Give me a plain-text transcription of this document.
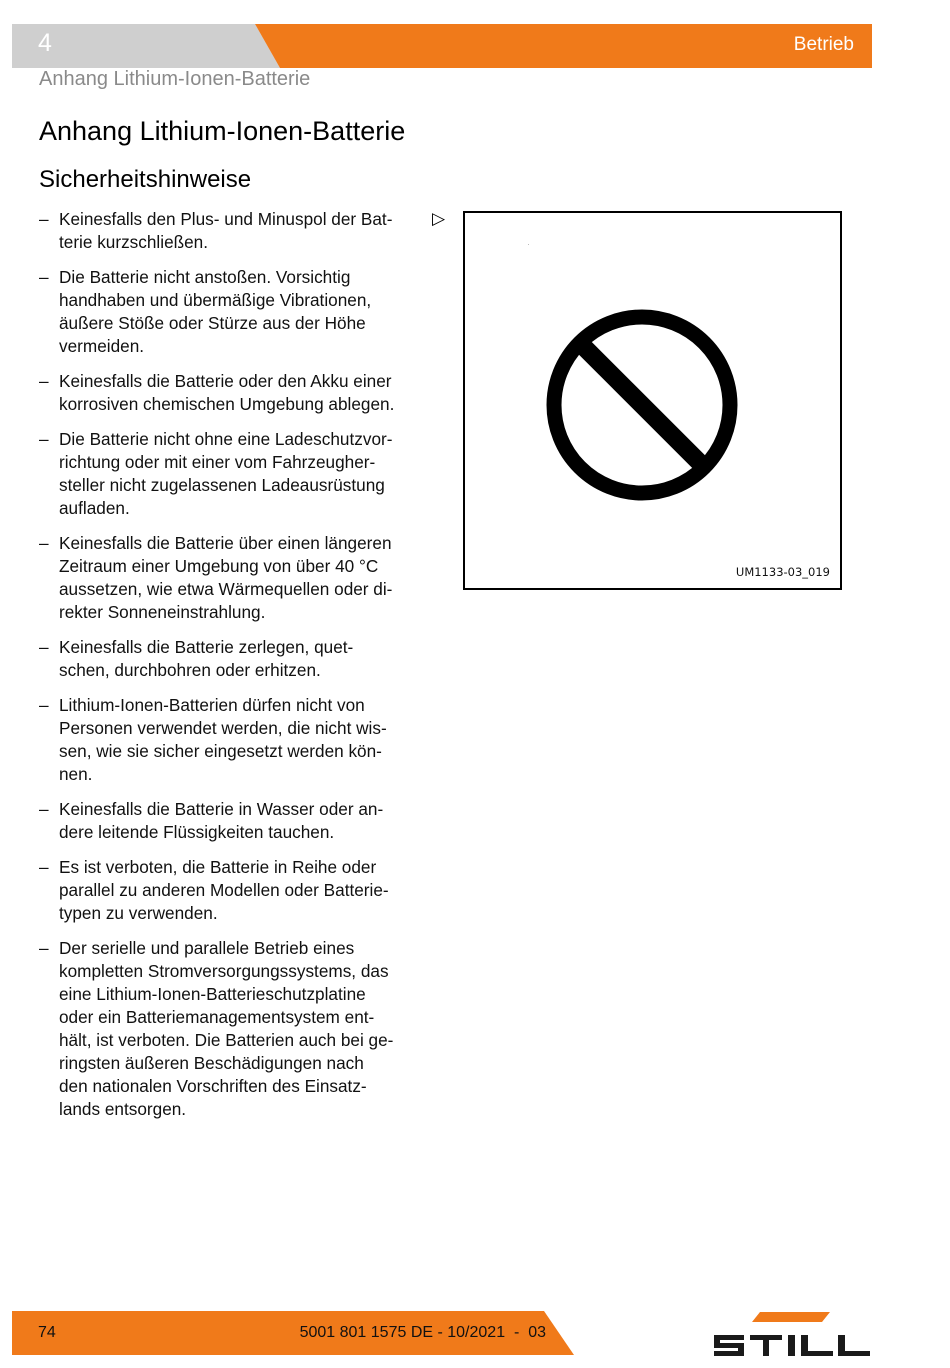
4	Betrieb
Anhang Lithium-Ionen-Batterie
Anhang Lithium-Ionen-Batterie
Sicherheitshinweise
– Keinesfalls den Plus- und Minuspol der Bat-
terie kurzschließen.
– Die Batterie nicht anstoßen. Vorsichtig
handhaben und übermäßige Vibrationen,
äußere Stöße oder Stürze aus der Höhe
vermeiden.
– Keinesfalls die Batterie oder den Akku einer
korrosiven chemischen Umgebung ablegen.
– Die Batterie nicht ohne eine Ladeschutzvor-
richtung oder mit einer vom Fahrzeugher-
steller nicht zugelassenen Ladeausrüstung
aufladen.
– Keinesfalls die Batterie über einen längeren
Zeitraum einer Umgebung von über 40 °C
aussetzen, wie etwa Wärmequellen oder di-
rekter Sonneneinstrahlung.
– Keinesfalls die Batterie zerlegen, quet-
schen, durchbohren oder erhitzen.
– Lithium-Ionen-Batterien dürfen nicht von
Personen verwendet werden, die nicht wis-
sen, wie sie sicher eingesetzt werden kön-
nen.
– Keinesfalls die Batterie in Wasser oder an-
dere leitende Flüssigkeiten tauchen.
– Es ist verboten, die Batterie in Reihe oder
parallel zu anderen Modellen oder Batterie-
typen zu verwenden.
– Der serielle und parallele Betrieb eines
kompletten Stromversorgungssystems, das
eine Lithium-Ionen-Batterieschutzplatine
oder ein Batteriemanagementsystem ent-
hält, ist verboten. Die Batterien auch bei ge-
ringsten äußeren Beschädigungen nach
den nationalen Vorschriften des Einsatz-
lands entsorgen.
▷
UM1133-03_019
74	5001 801 1575 DE - 10/2021  -  03
